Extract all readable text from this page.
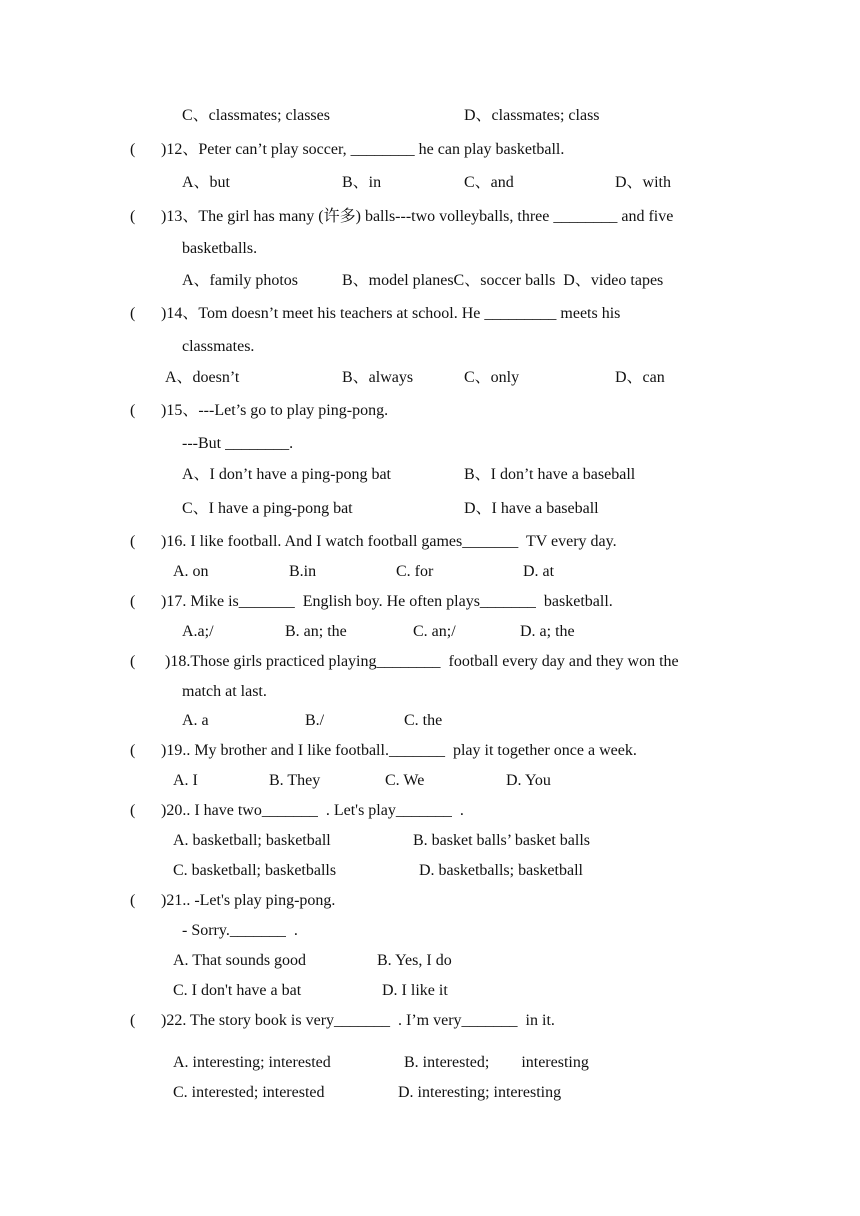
C、classmates; classes	D、classmates; class
( )12、Peter can’t play soccer, ________ he can play basketball.
A、but	B、in	C、and	D、with
( )13、The girl has many (许多) balls---two volleyballs, three ________ and five
basketballs.
A、family photos	B、model planesC、soccer balls  D、video tapes
( )14、Tom doesn’t meet his teachers at school. He _________ meets his
classmates.
A、doesn’t	B、always	C、only	D、can
( )15、---Let’s go to play ping-pong.
---But ________.
A、I don’t have a ping-pong bat	B、I don’t have a baseball
C、I have a ping-pong bat	D、I have a baseball
( )16. I like football. And I watch football games_______  TV every day.
A. on	B.in	C. for	D. at
( )17. Mike is_______  English boy. He often plays_______  basketball.
A.a;/	B. an; the	C. an;/	D. a; the
( )18.Those girls practiced playing________  football every day and they won the
match at last.
A. a	B./	C. the
( )19.. My brother and I like football._______  play it together once a week.
A. I	B. They	C. We	D. You
( )20.. I have two_______  . Let's play_______  .
A. basketball; basketball	B. basket balls’ basket balls
C. basketball; basketballs	D. basketballs; basketball
( )21.. -Let's play ping-pong.
- Sorry._______  .
A. That sounds good	B. Yes, I do
C. I don't have a bat	D. I like it
( )22. The story book is very_______  . I’m very_______  in it.
A. interesting; interested	B. interested;        interesting
C. interested; interested	D. interesting; interesting
